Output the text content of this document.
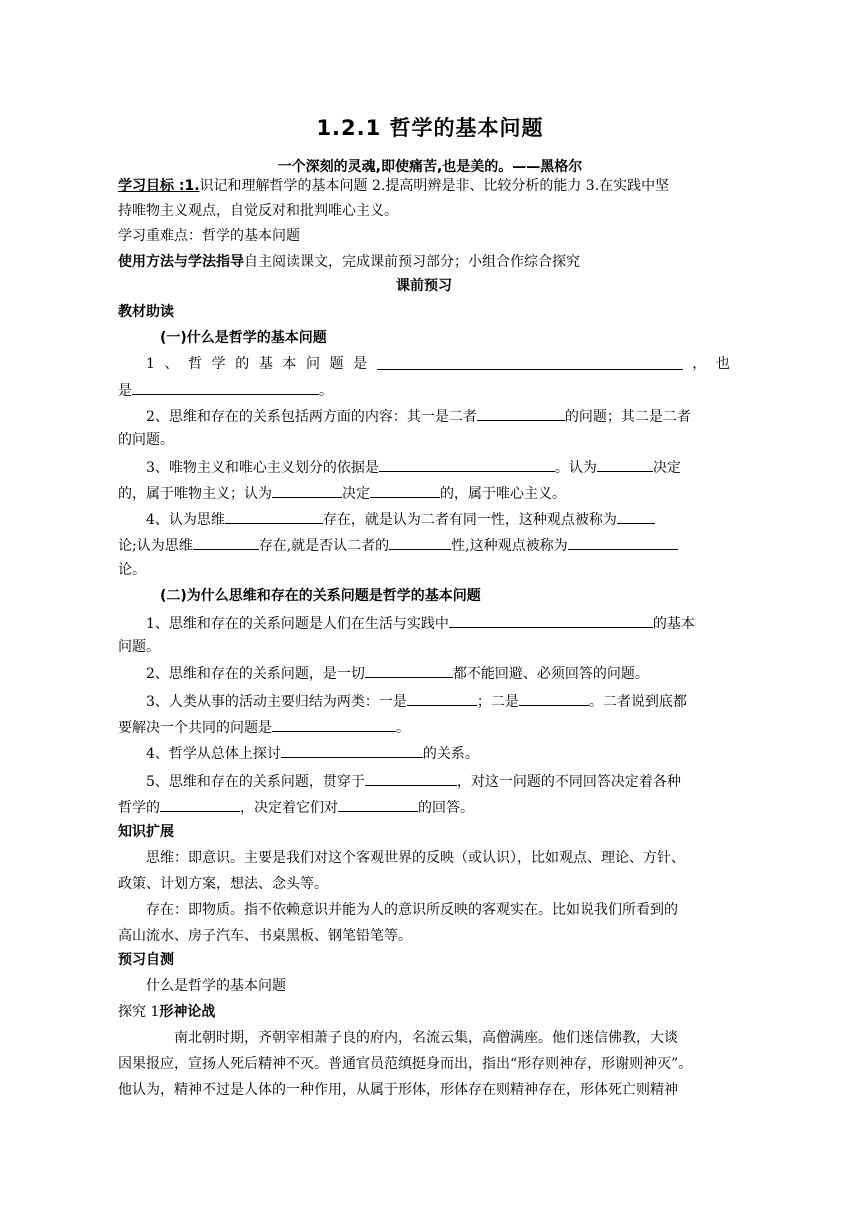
1.2.1 哲学的基本问题
一个深刻的灵魂,即使痛苦,也是美的。——黑格尔
学习目标 :1.识记和理解哲学的基本问题 2.提高明辨是非、比较分析的能力 3.在实践中坚
持唯物主义观点，自觉反对和批判唯心主义。
学习重难点：哲学的基本问题
使用方法与学法指导自主阅读课文，完成课前预习部分；小组合作综合探究
课前预习
教材助读
(一)什么是哲学的基本问题
1 、 哲 学 的 基 本 问 题 是	， 也
是	。
2、思维和存在的关系包括两方面的内容：其一是二者	的问题；其二是二者
的问题。
3、唯物主义和唯心主义划分的依据是	。认为	决定
的，属于唯物主义；认为	决定	的，属于唯心主义。
4、认为思维	存在，就是认为二者有同一性，这种观点被称为
论;认为思维	存在,就是否认二者的	性,这种观点被称为
论。
(二)为什么思维和存在的关系问题是哲学的基本问题
1、思维和存在的关系问题是人们在生活与实践中	的基本
问题。
2、思维和存在的关系问题，是一切	都不能回避、必须回答的问题。
3、人类从事的活动主要归结为两类：一是	；二是	。二者说到底都
要解决一个共同的问题是	。
4、哲学从总体上探讨	的关系。
5、思维和存在的关系问题，贯穿于	，对这一问题的不同回答决定着各种
哲学的	，决定着它们对	的回答。
知识扩展
思维：即意识。主要是我们对这个客观世界的反映（或认识），比如观点、理论、方针、
政策、计划方案，想法、念头等。
存在：即物质。指不依赖意识并能为人的意识所反映的客观实在。比如说我们所看到的
高山流水、房子汽车、书桌黑板、钢笔铅笔等。
预习自测
什么是哲学的基本问题
探究 1形神论战
南北朝时期，齐朝宰相萧子良的府内，名流云集，高僧满座。他们迷信佛教，大谈
因果报应，宣扬人死后精神不灭。普通官员范缜挺身而出，指出“形存则神存，形谢则神灭”。
他认为，精神不过是人体的一种作用，从属于形体，形体存在则精神存在，形体死亡则精神
